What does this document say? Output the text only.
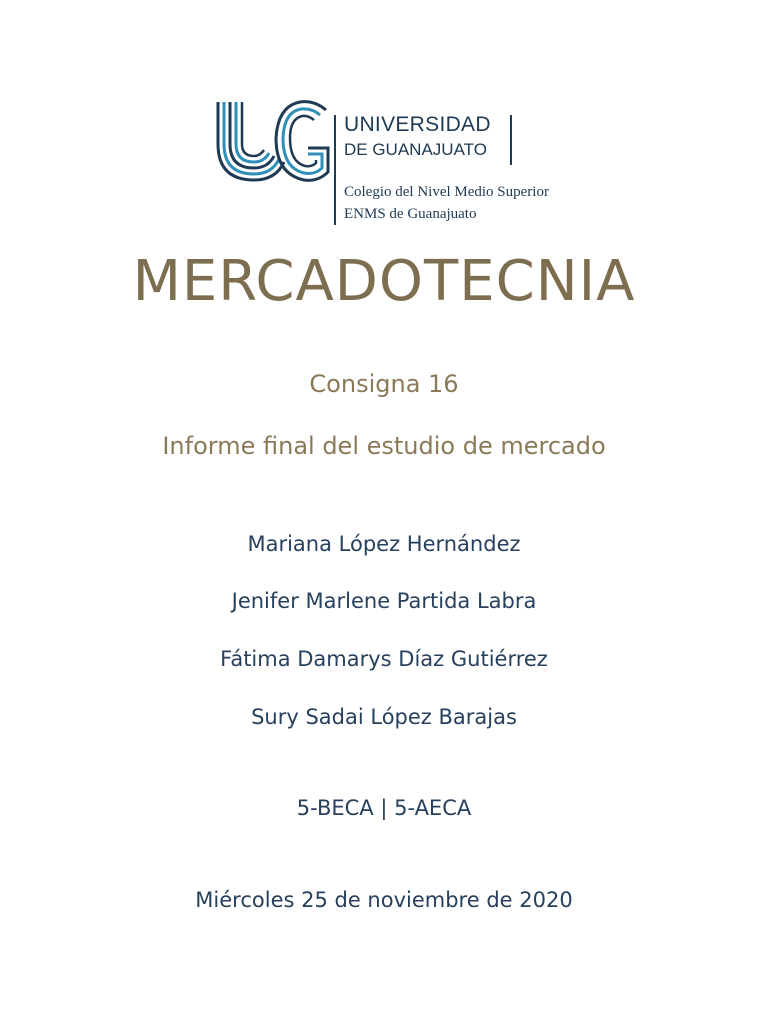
UNIVERSIDAD
DE GUANAJUATO
Colegio del Nivel Medio Superior
ENMS de Guanajuato
MERCADOTECNIA
Consigna 16
Informe final del estudio de mercado
Mariana López Hernández
Jenifer Marlene Partida Labra
Fátima Damarys Díaz Gutiérrez
Sury Sadai López Barajas
5-BECA | 5-AECA
Miércoles 25 de noviembre de 2020
